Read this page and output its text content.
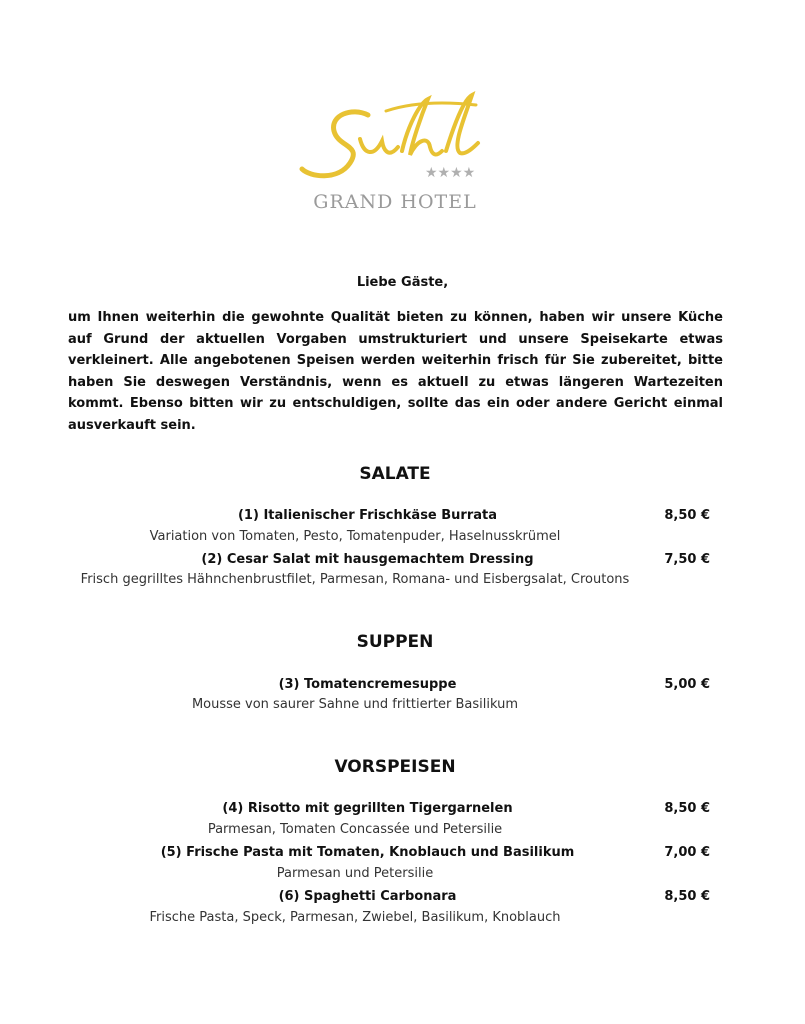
★★★★
GRAND HOTEL
Liebe Gäste,
um Ihnen weiterhin die gewohnte Qualität bieten zu können, haben wir unsere Küche auf Grund der aktuellen Vorgaben umstrukturiert und unsere Speisekarte etwas verkleinert. Alle angebotenen Speisen werden weiterhin frisch für Sie zubereitet, bitte haben Sie deswegen Verständnis, wenn es aktuell zu etwas längeren Wartezeiten kommt. Ebenso bitten wir zu entschuldigen, sollte das ein oder andere Gericht einmal ausverkauft sein.
SALATE
(1) Italienischer Frischkäse Burrata	8,50 €
Variation von Tomaten, Pesto, Tomatenpuder, Haselnusskrümel
(2) Cesar Salat mit hausgemachtem Dressing	7,50 €
Frisch gegrilltes Hähnchenbrustfilet, Parmesan, Romana- und Eisbergsalat, Croutons
SUPPEN
(3) Tomatencremesuppe	5,00 €
Mousse von saurer Sahne und frittierter Basilikum
VORSPEISEN
(4) Risotto mit gegrillten Tigergarnelen	8,50 €
Parmesan, Tomaten Concassée und Petersilie
(5) Frische Pasta mit Tomaten, Knoblauch und Basilikum	7,00 €
Parmesan und Petersilie
(6) Spaghetti Carbonara	8,50 €
Frische Pasta, Speck, Parmesan, Zwiebel, Basilikum, Knoblauch
